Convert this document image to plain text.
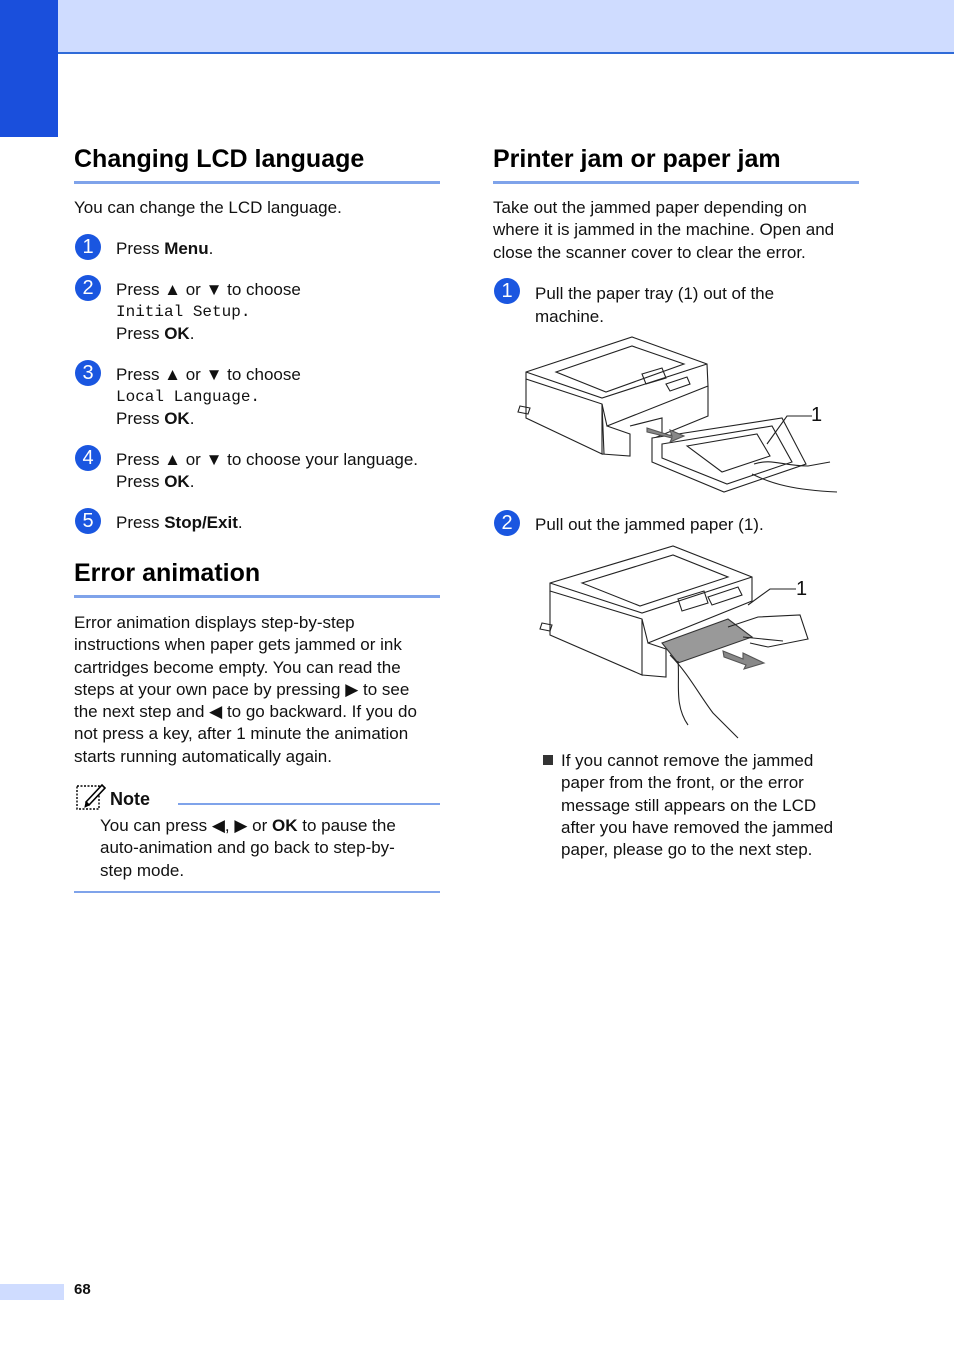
Changing LCD language
You can change the LCD language.
1	Press Menu.
2	Press ▲ or ▼ to choose
Initial Setup.
Press OK.
3	Press ▲ or ▼ to choose
Local Language.
Press OK.
4	Press ▲ or ▼ to choose your language.
Press OK.
5	Press Stop/Exit.
Error animation
Error animation displays step-by-step
instructions when paper gets jammed or ink
cartridges become empty. You can read the
steps at your own pace by pressing ▶ to see
the next step and ◀ to go backward. If you do
not press a key, after 1 minute the animation
starts running automatically again.
Note
You can press ◀, ▶ or OK to pause the
auto-animation and go back to step-by-
step mode.
Printer jam or paper jam
Take out the jammed paper depending on
where it is jammed in the machine. Open and
close the scanner cover to clear the error.
1	Pull the paper tray (1) out of the
machine.
1
2	Pull out the jammed paper (1).
1
If you cannot remove the jammed
paper from the front, or the error
message still appears on the LCD
after you have removed the jammed
paper, please go to the next step.
68
